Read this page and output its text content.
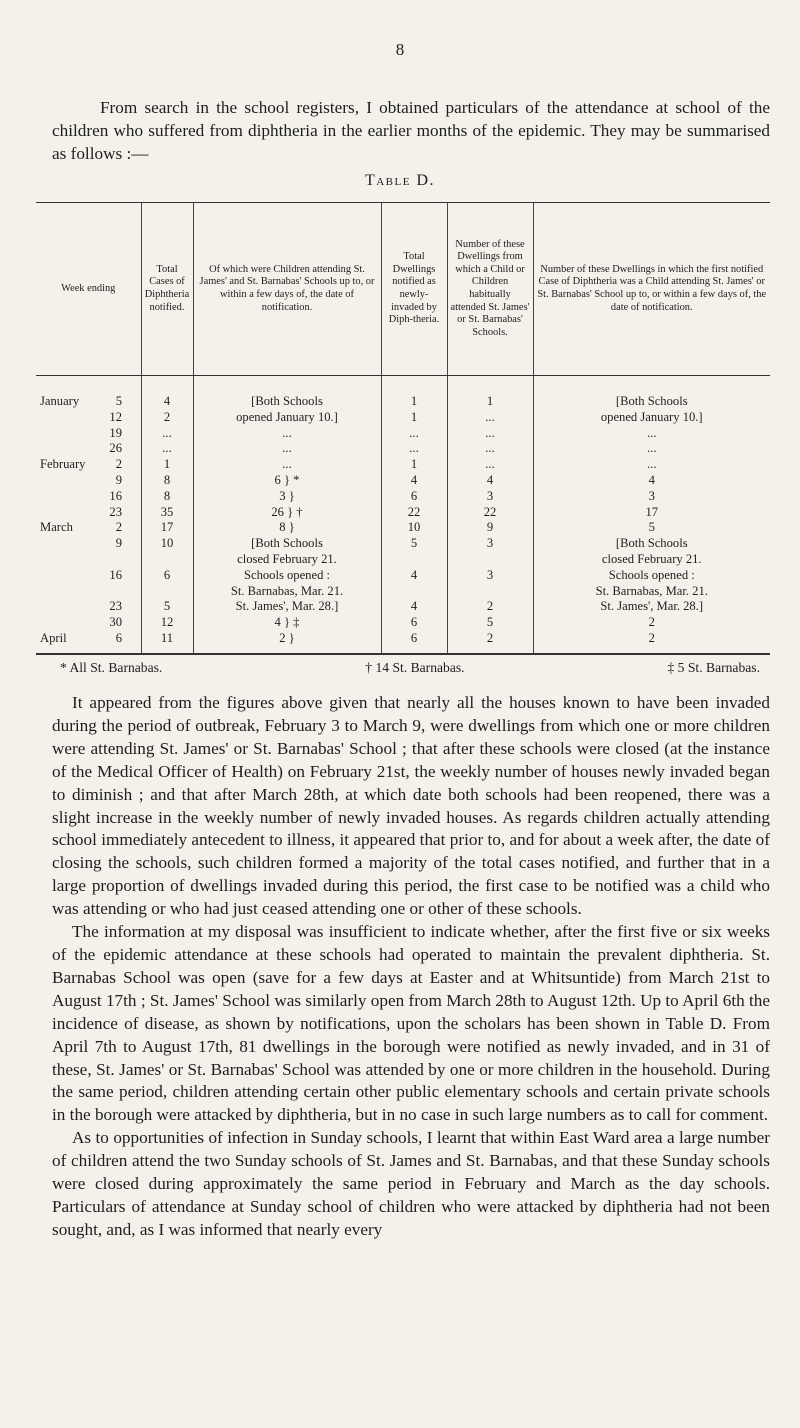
8

From search in the school registers, I obtained particulars of the attendance at school of the children who suffered from diphtheria in the earlier months of the epidemic. They may be summarised as follows :—

Table D.
Week ending	Total Cases of Diphtheria notified.	Of which were Children attending St. James' and St. Barnabas' Schools up to, or within a few days of, the date of notification.	Total Dwellings notified as newly-invaded by Diph-theria.	Number of these Dwellings from which a Child or Children habitually attended St. James' or St. Barnabas' Schools.	Number of these Dwellings in which the first notified Case of Diphtheria was a Child attending St. James' or St. Barnabas' School up to, or within a few days of, the date of notification.
January 5	4	[Both Schools	1	1	[Both Schools
12	2	opened January 10.]	1	...	opened January 10.]
19	...	...	...	...	...
26	...	...	...	...	...
February 2	1	...	1	...	...
9	8	6 } *	4	4	4
16	8	3 }	6	3	3
23	35	26 } †	22	22	17
March 2	17	8 }	10	9	5
9	10	[Both Schools	5	3	[Both Schools
		closed February 21.			closed February 21.
16	6	Schools opened :	4	3	Schools opened :
		St. Barnabas, Mar. 21.			St. Barnabas, Mar. 21.
23	5	St. James', Mar. 28.]	4	2	St. James', Mar. 28.]
30	12	4 } ‡	6	5	2
April 6	11	2 }	6	2	2
* All St. Barnabas.	† 14 St. Barnabas.	‡ 5 St. Barnabas.

It appeared from the figures above given that nearly all the houses known to have been invaded during the period of outbreak, February 3 to March 9, were dwellings from which one or more children were attending St. James' or St. Barnabas' School ; that after these schools were closed (at the instance of the Medical Officer of Health) on February 21st, the weekly number of houses newly invaded began to diminish ; and that after March 28th, at which date both schools had been reopened, there was a slight increase in the weekly number of newly invaded houses. As regards children actually attending school immediately antecedent to illness, it appeared that prior to, and for about a week after, the date of closing the schools, such children formed a majority of the total cases notified, and further that in a large proportion of dwellings invaded during this period, the first case to be notified was a child who was attending or who had just ceased attending one or other of these schools.

The information at my disposal was insufficient to indicate whether, after the first five or six weeks of the epidemic attendance at these schools had operated to maintain the prevalent diphtheria. St. Barnabas School was open (save for a few days at Easter and at Whitsuntide) from March 21st to August 17th ; St. James' School was similarly open from March 28th to August 12th. Up to April 6th the incidence of disease, as shown by notifications, upon the scholars has been shown in Table D. From April 7th to August 17th, 81 dwellings in the borough were notified as newly invaded, and in 31 of these, St. James' or St. Barnabas' School was attended by one or more children in the household. During the same period, children attending certain other public elementary schools and certain private schools in the borough were attacked by diphtheria, but in no case in such large numbers as to call for comment.

As to opportunities of infection in Sunday schools, I learnt that within East Ward area a large number of children attend the two Sunday schools of St. James and St. Barnabas, and that these Sunday schools were closed during approximately the same period in February and March as the day schools. Particulars of attendance at Sunday school of children who were attacked by diphtheria had not been sought, and, as I was informed that nearly every
